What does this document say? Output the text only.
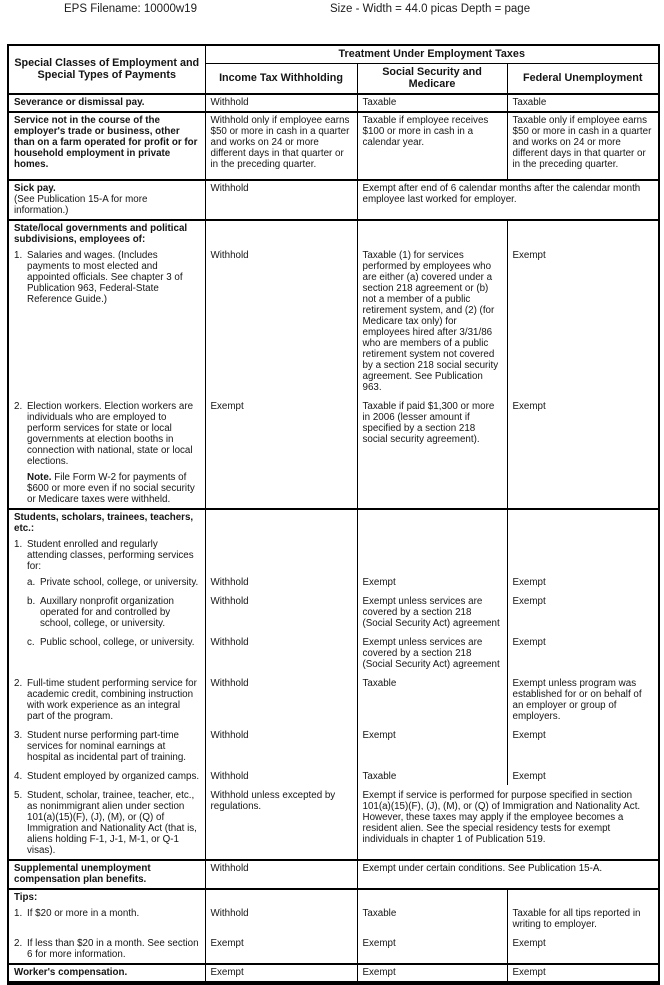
EPS Filename: 10000w19	Size - Width = 44.0 picas Depth = page
Special Classes of Employment and Special Types of Payments	Treatment Under Employment Taxes		
	Income Tax Withholding	Social Security and Medicare	Federal Unemployment
Severance or dismissal pay.	Withhold	Taxable	Taxable
Service not in the course of the employer's trade or business, other than on a farm operated for profit or for household employment in private homes.	Withhold only if employee earns $50 or more in cash in a quarter and works on 24 or more different days in that quarter or in the preceding quarter.	Taxable if employee receives $100 or more in cash in a calendar year.	Taxable only if employee earns $50 or more in cash in a quarter and works on 24 or more different days in that quarter or in the preceding quarter.

Sick pay.
(See Publication 15-A for more information.)	Withhold	Exempt after end of 6 calendar months after the calendar month employee last worked for employer.	
State/local governments and political subdivisions, employees of:			

1. Salaries and wages. (Includes payments to most elected and appointed officials. See chapter 3 of Publication 963, Federal-State Reference Guide.)	Withhold	Taxable (1) for services performed by employees who are either (a) covered under a section 218 agreement or (b) not a member of a public retirement system, and (2) (for Medicare tax only) for employees hired after 3/31/86 who are members of a public retirement system not covered by a section 218 social security agreement. See Publication 963.	Exempt

2. Election workers. Election workers are individuals who are employed to perform services for state or local governments at election booths in connection with national, state or local elections.
Note. File Form W-2 for payments of $600 or more even if no social security or Medicare taxes were withheld.	Exempt	Taxable if paid $1,300 or more in 2006 (lesser amount if specified by a section 218 social security agreement).	Exempt
Students, scholars, trainees, teachers, etc.:			

1. Student enrolled and regularly attending classes, performing services for:			

a. Private school, college, or university.	Withhold	Exempt	Exempt

b. Auxillary nonprofit organization operated for and controlled by school, college, or university.	Withhold	Exempt unless services are covered by a section 218 (Social Security Act) agreement	Exempt

c. Public school, college, or university.	Withhold	Exempt unless services are covered by a section 218 (Social Security Act) agreement	Exempt

2. Full-time student performing service for academic credit, combining instruction with work experience as an integral part of the program.	Withhold	Taxable	Exempt unless program was established for or on behalf of an employer or group of employers.

3. Student nurse performing part-time services for nominal earnings at hospital as incidental part of training.	Withhold	Exempt	Exempt

4. Student employed by organized camps.	Withhold	Taxable	Exempt

5. Student, scholar, trainee, teacher, etc., as nonimmigrant alien under section 101(a)(15)(F), (J), (M), or (Q) of Immigration and Nationality Act (that is, aliens holding F-1, J-1, M-1, or Q-1 visas).
	Withhold unless excepted by regulations.	Exempt if service is performed for purpose specified in section 101(a)(15)(F), (J), (M), or (Q) of Immigration and Nationality Act. However, these taxes may apply if the employee becomes a resident alien. See the special residency tests for exempt individuals in chapter 1 of Publication 519.
Supplemental unemployment compensation plan benefits.	Withhold	Exempt under certain conditions. See Publication 15-A.	
Tips:			

1. If $20 or more in a month.	Withhold	Taxable	Taxable for all tips reported in writing to employer.

2. If less than $20 in a month. See section 6 for more information.	Exempt	Exempt	Exempt
Worker's compensation.	Exempt	Exempt	Exempt
